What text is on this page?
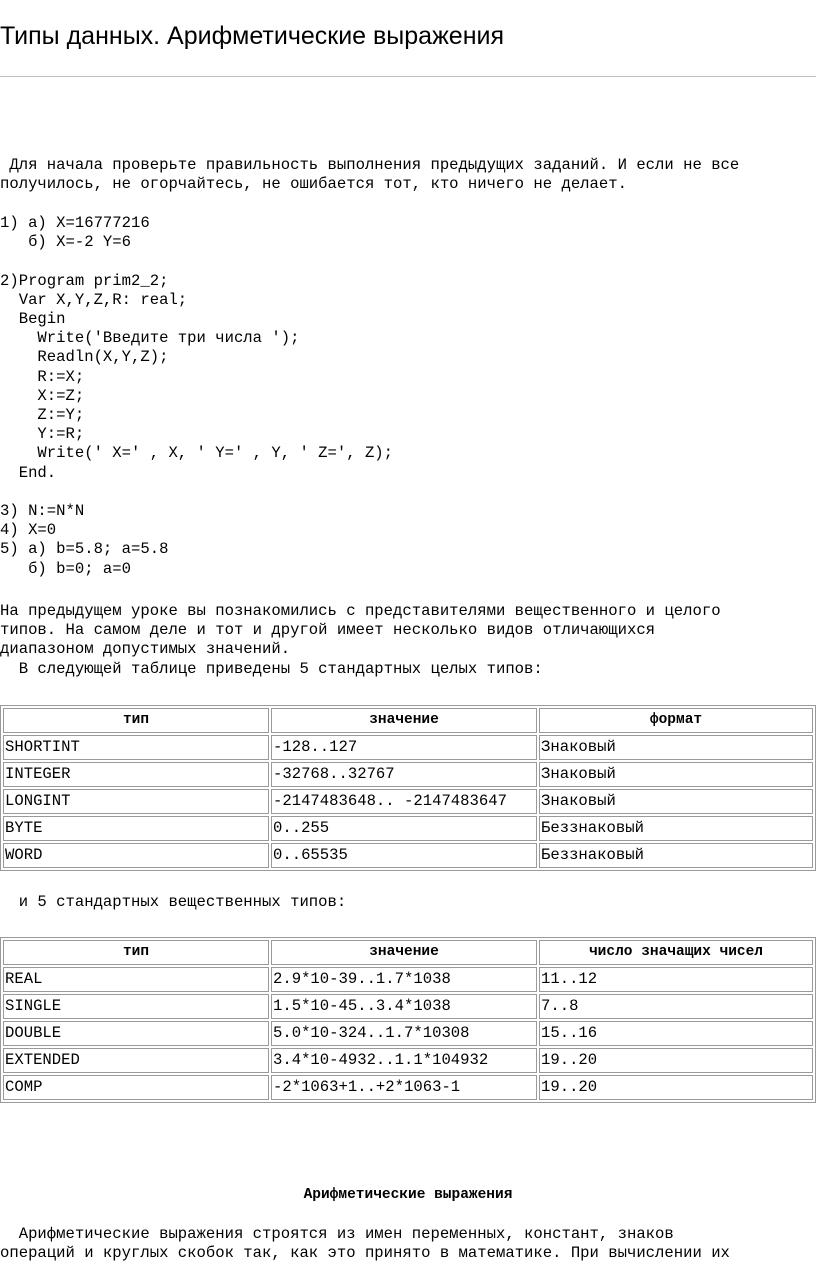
Типы данных. Арифметические выражения
Для начала проверьте правильность выполнения предыдущих заданий. И если не все
получилось, не огорчайтесь, не ошибается тот, кто ничего не делает.
1) а) X=16777216
б) X=-2 Y=6
2)Program prim2_2;
Var X,Y,Z,R: real;
Begin
Write('Введите три числа ');
Readln(X,Y,Z);
R:=X;
X:=Z;
Z:=Y;
Y:=R;
Write(' X=' , X, ' Y=' , Y, ' Z=', Z);
End.
3) N:=N*N
4) X=0
5) а) b=5.8; a=5.8
б) b=0; a=0
На предыдущем уроке вы познакомились с представителями вещественного и целого
типов. На самом деле и тот и другой имеет несколько видов отличающихся
диапазоном допустимых значений.
В следующей таблице приведены 5 стандартных целых типов:
тип	значение	формат
SHORTINT	-128..127	Знаковый
INTEGER	-32768..32767	Знаковый
LONGINT	-2147483648.. -2147483647	Знаковый
BYTE	0..255	Беззнаковый
WORD	0..65535	Беззнаковый
и 5 стандартных вещественных типов:
тип	значение	число значащих чисел
REAL	2.9*10-39..1.7*1038	11..12
SINGLE	1.5*10-45..3.4*1038	7..8
DOUBLE	5.0*10-324..1.7*10308	15..16
EXTENDED	3.4*10-4932..1.1*104932	19..20
COMP	-2*1063+1..+2*1063-1	19..20
Арифметические выражения
Арифметические выражения строятся из имен переменных, констант, знаков
операций и круглых скобок так, как это принято в математике. При вычислении их
